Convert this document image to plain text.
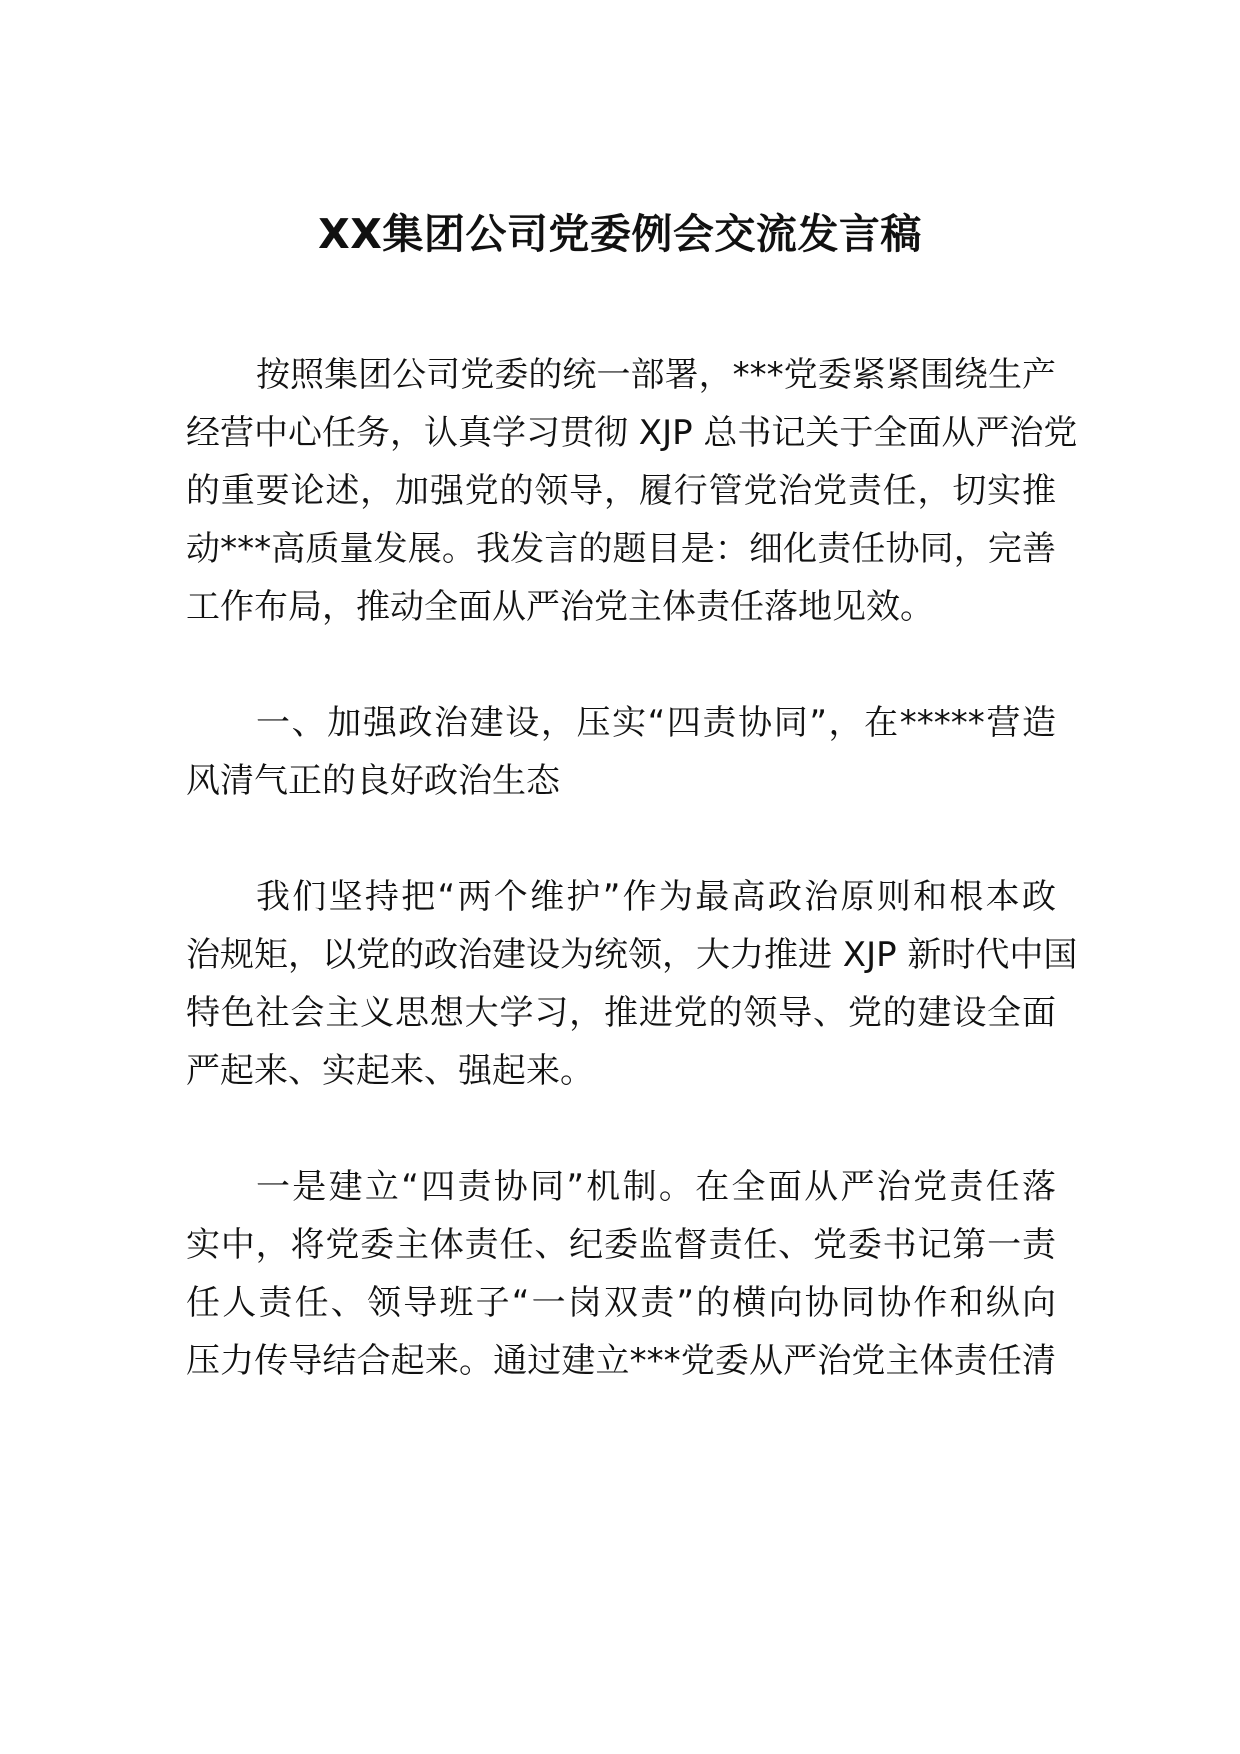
XX集团公司党委例会交流发言稿

按照集团公司党委的统一部署，***党委紧紧围绕生产

经营中心任务，认真学习贯彻 XJP 总书记关于全面从严治党

的重要论述，加强党的领导，履行管党治党责任，切实推

动***高质量发展。我发言的题目是：细化责任协同，完善

工作布局，推动全面从严治党主体责任落地见效。

一、加强政治建设，压实“四责协同”，在*****营造

风清气正的良好政治生态

我们坚持把“两个维护”作为最高政治原则和根本政

治规矩，以党的政治建设为统领，大力推进 XJP 新时代中国

特色社会主义思想大学习，推进党的领导、党的建设全面

严起来、实起来、强起来。

一是建立“四责协同”机制。在全面从严治党责任落

实中，将党委主体责任、纪委监督责任、党委书记第一责

任人责任、领导班子“一岗双责”的横向协同协作和纵向

压力传导结合起来。通过建立***党委从严治党主体责任清
